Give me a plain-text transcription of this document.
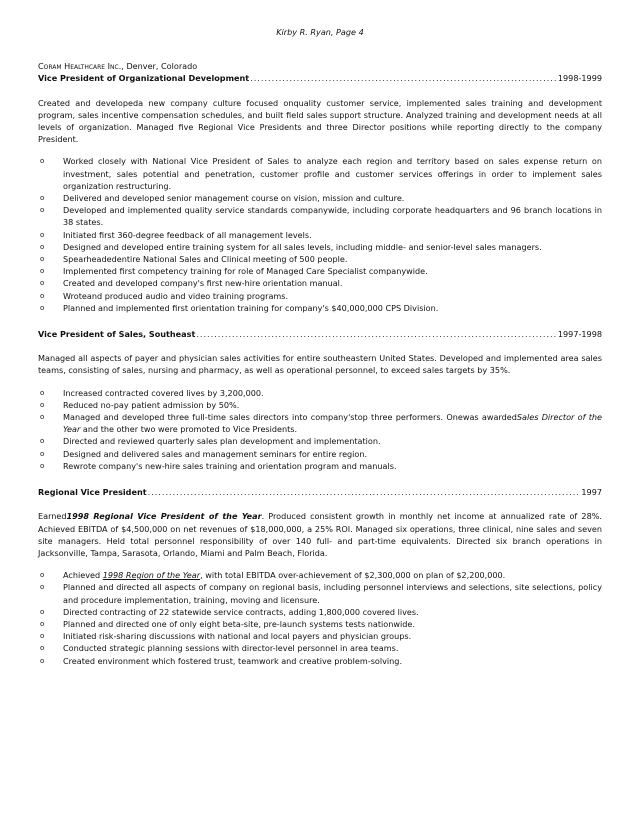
Kirby R. Ryan, Page 4

Coram Healthcare Inc., Denver, Colorado

Vice President of Organizational Development .....	1998-1999

Created and developeda new company culture focused onquality customer service, implemented sales training and development program, sales incentive compensation schedules, and built field sales support structure. Analyzed training and development needs at all levels of organization. Managed five Regional Vice Presidents and three Director positions while reporting directly to the company President.

o Worked closely with National Vice President of Sales to analyze each region and territory based on sales expense return on investment, sales potential and penetration, customer profile and customer services offerings in order to implement sales organization restructuring.
o Delivered and developed senior management course on vision, mission and culture.
o Developed and implemented quality service standards companywide, including corporate headquarters and 96 branch locations in 38 states.
o Initiated first 360-degree feedback of all management levels.
o Designed and developed entire training system for all sales levels, including middle- and senior-level sales managers.
o Spearheadedentire National Sales and Clinical meeting of 500 people.
o Implemented first competency training for role of Managed Care Specialist companywide.
o Created and developed company's first new-hire orientation manual.
o Wroteand produced audio and video training programs.
o Planned and implemented first orientation training for company's $40,000,000 CPS Division.
Vice President of Sales, Southeast .....	1997-1998

Managed all aspects of payer and physician sales activities for entire southeastern United States. Developed and implemented area sales teams, consisting of sales, nursing and pharmacy, as well as operational personnel, to exceed sales targets by 35%.

o Increased contracted covered lives by 3,200,000.
o Reduced no-pay patient admission by 50%.
o Managed and developed three full-time sales directors into company'stop three performers. Onewas awardedSales Director of the Year and the other two were promoted to Vice Presidents.
o Directed and reviewed quarterly sales plan development and implementation.
o Designed and delivered sales and management seminars for entire region.
o Rewrote company's new-hire sales training and orientation program and manuals.
Regional Vice President .....	1997

Earned1998 Regional Vice President of the Year. Produced consistent growth in monthly net income at annualized rate of 28%. Achieved EBITDA of $4,500,000 on net revenues of $18,000,000, a 25% ROI. Managed six operations, three clinical, nine sales and seven site managers. Held total personnel responsibility of over 140 full- and part-time equivalents. Directed six branch operations in Jacksonville, Tampa, Sarasota, Orlando, Miami and Palm Beach, Florida.

o Achieved 1998 Region of the Year, with total EBITDA over-achievement of $2,300,000 on plan of $2,200,000.
o Planned and directed all aspects of company on regional basis, including personnel interviews and selections, site selections, policy and procedure implementation, training, moving and licensure.
o Directed contracting of 22 statewide service contracts, adding 1,800,000 covered lives.
o Planned and directed one of only eight beta-site, pre-launch systems tests nationwide.
o Initiated risk-sharing discussions with national and local payers and physician groups.
o Conducted strategic planning sessions with director-level personnel in area teams.
o Created environment which fostered trust, teamwork and creative problem-solving.
